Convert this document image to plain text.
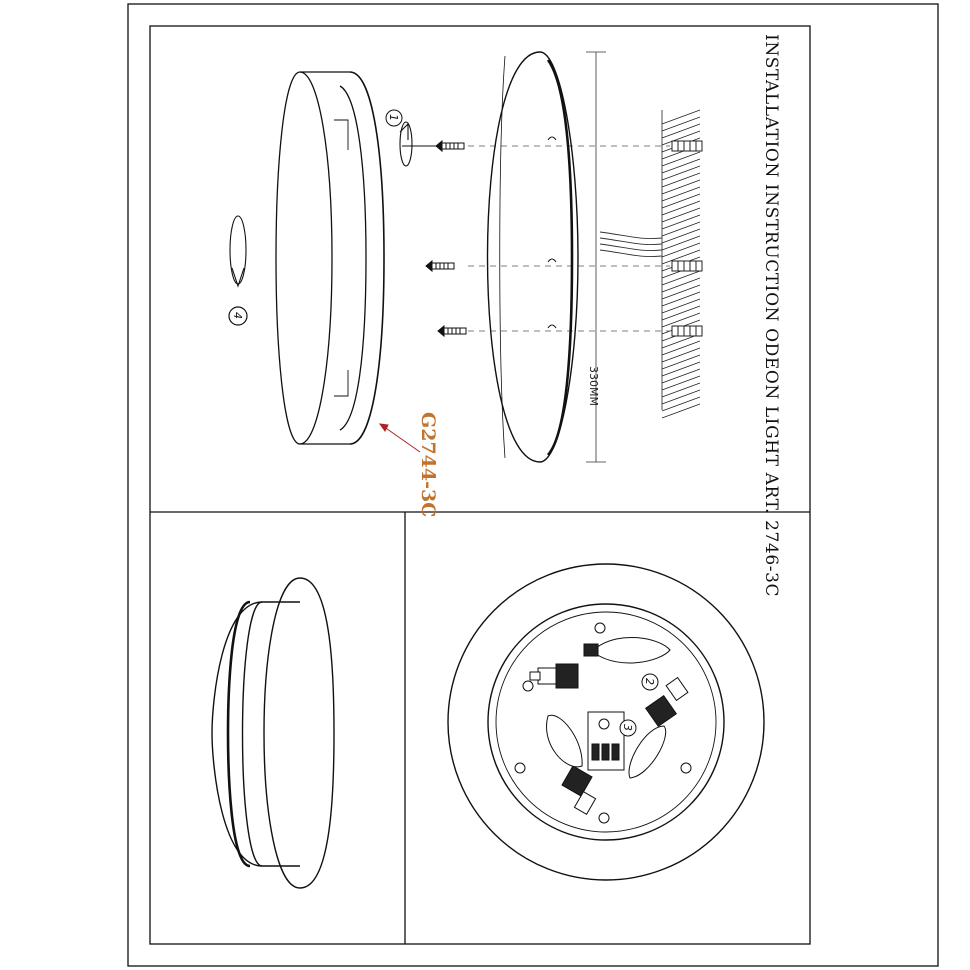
INSTALLATION INSTRUCTION ODEON LIGHT ART. 2746-3C
330MM
1
4
G2744-3C
2
3
